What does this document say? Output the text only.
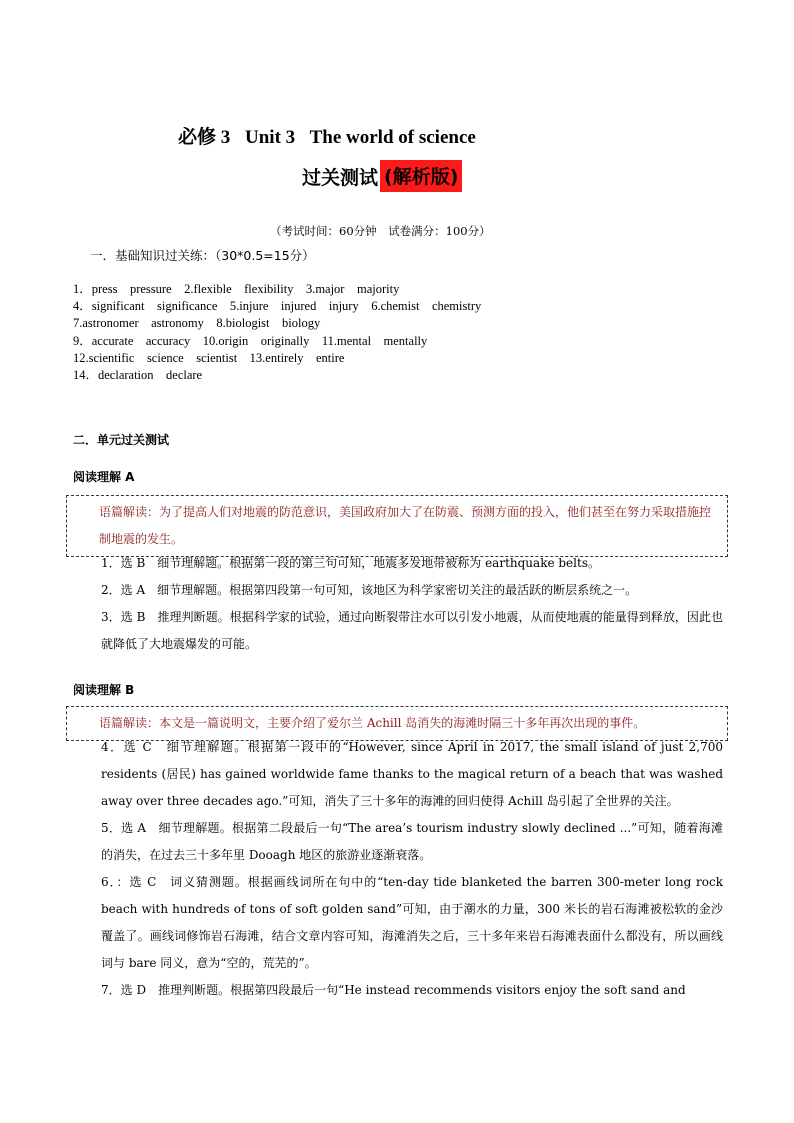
必修 3 Unit 3 The world of science
过关测试 (解析版)
（考试时间：60分钟　试卷满分：100分）
一．基础知识过关练：（30*0.5=15分）
1．press　pressure　2.flexible　flexibility　3.major　majority
4．significant　significance　5.injure　injured　injury　6.chemist　chemistry
7.astronomer　astronomy　8.biologist　biology
9．accurate　accuracy　10.origin　originally　11.mental　mentally
12.scientific　science　scientist　13.entirely　entire
14．declaration　declare
二．单元过关测试
阅读理解 A
语篇解读：为了提高人们对地震的防范意识，美国政府加大了在防震、预测方面的投入，他们甚至在努力采取措施控制地震的发生。
1．选 B　细节理解题。根据第一段的第三句可知，地震多发地带被称为 earthquake belts。
2．选 A　细节理解题。根据第四段第一句可知，该地区为科学家密切关注的最活跃的断层系统之一。
3．选 B　推理判断题。根据科学家的试验，通过向断裂带注水可以引发小地震，从而使地震的能量得到释放，因此也就降低了大地震爆发的可能。
阅读理解 B
语篇解读：本文是一篇说明文，主要介绍了爱尔兰 Achill 岛消失的海滩时隔三十多年再次出现的事件。
4．选 C　细节理解题。根据第一段中的“However, since April in 2017, the small island of just 2,700 residents (居民) has gained worldwide fame thanks to the magical return of a beach that was washed away over three decades ago.”可知，消失了三十多年的海滩的回归使得 Achill 岛引起了全世界的关注。
5．选 A　细节理解题。根据第二段最后一句“The area’s tourism industry slowly declined ...”可知，随着海滩的消失，在过去三十多年里 Dooagh 地区的旅游业逐渐衰落。
6．：选 C　词义猜测题。根据画线词所在句中的“ten-day tide blanketed the barren 300-meter long rock beach with hundreds of tons of soft golden sand”可知，由于潮水的力量，300 米长的岩石海滩被松软的金沙覆盖了。画线词修饰岩石海滩，结合文章内容可知，海滩消失之后，三十多年来岩石海滩表面什么都没有，所以画线词与 bare 同义，意为“空的，荒芜的”。
7．选 D　推理判断题。根据第四段最后一句“He instead recommends visitors enjoy the soft sand and
